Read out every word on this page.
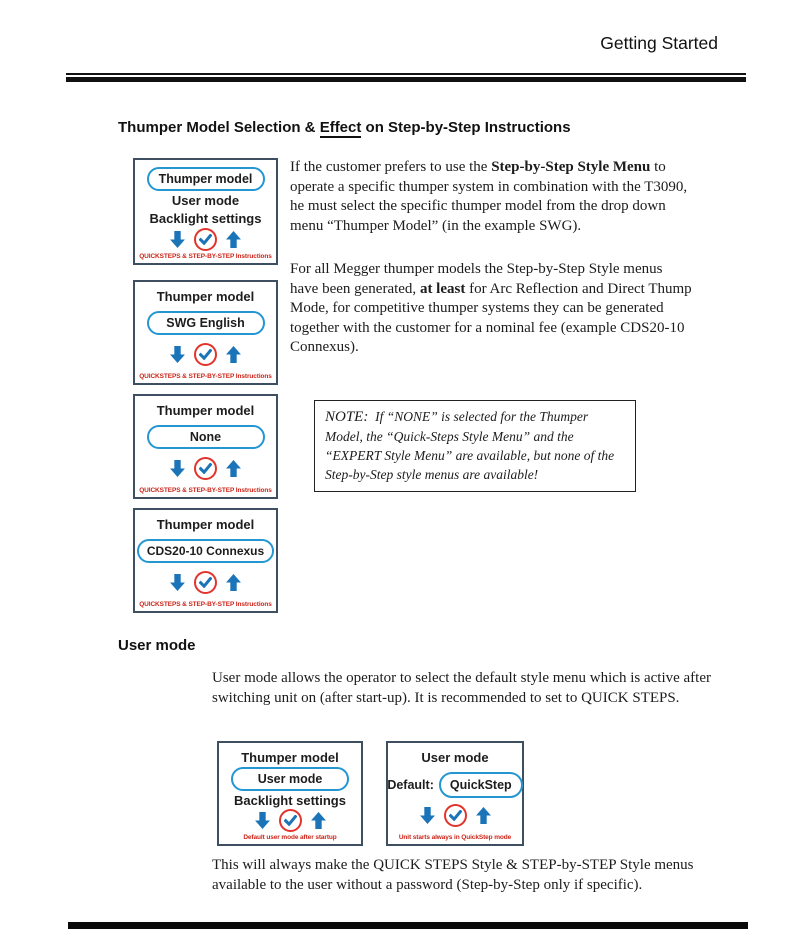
Getting Started
Thumper Model Selection & Effect on Step-by-Step Instructions
Thumper model
User mode
Backlight settings
QUICKSTEPS & STEP-BY-STEP Instructions
Thumper model
SWG English
QUICKSTEPS & STEP-BY-STEP Instructions
Thumper model
None
QUICKSTEPS & STEP-BY-STEP Instructions
Thumper model
CDS20-10 Connexus
QUICKSTEPS & STEP-BY-STEP Instructions

If the customer prefers to use the Step-by-Step Style Menu to operate a specific thumper system in combination with the T3090, he must select the specific thumper model from the drop down menu “Thumper Model” (in the example SWG).

For all Megger thumper models the Step-by-Step Style menus have been generated, at least for Arc Reflection and Direct Thump Mode, for competitive thumper systems they can be generated together with the customer for a nominal fee (example CDS20-10 Connexus).

NOTE:  If “NONE” is selected for the Thumper Model, the “Quick-Steps Style Menu” and the “EXPERT Style Menu” are available, but none of the Step-by-Step style menus are available!
User mode

User mode allows the operator to select the default style menu which is active after switching unit on (after start-up). It is recommended to set to QUICK STEPS.

Thumper model
User mode
Backlight settings
Default user mode after startup
User mode
Default:	QuickStep
Unit starts always in QuickStep mode

This will always make the QUICK STEPS Style & STEP-by-STEP Style menus available to the user without a password (Step-by-Step only if specific).
